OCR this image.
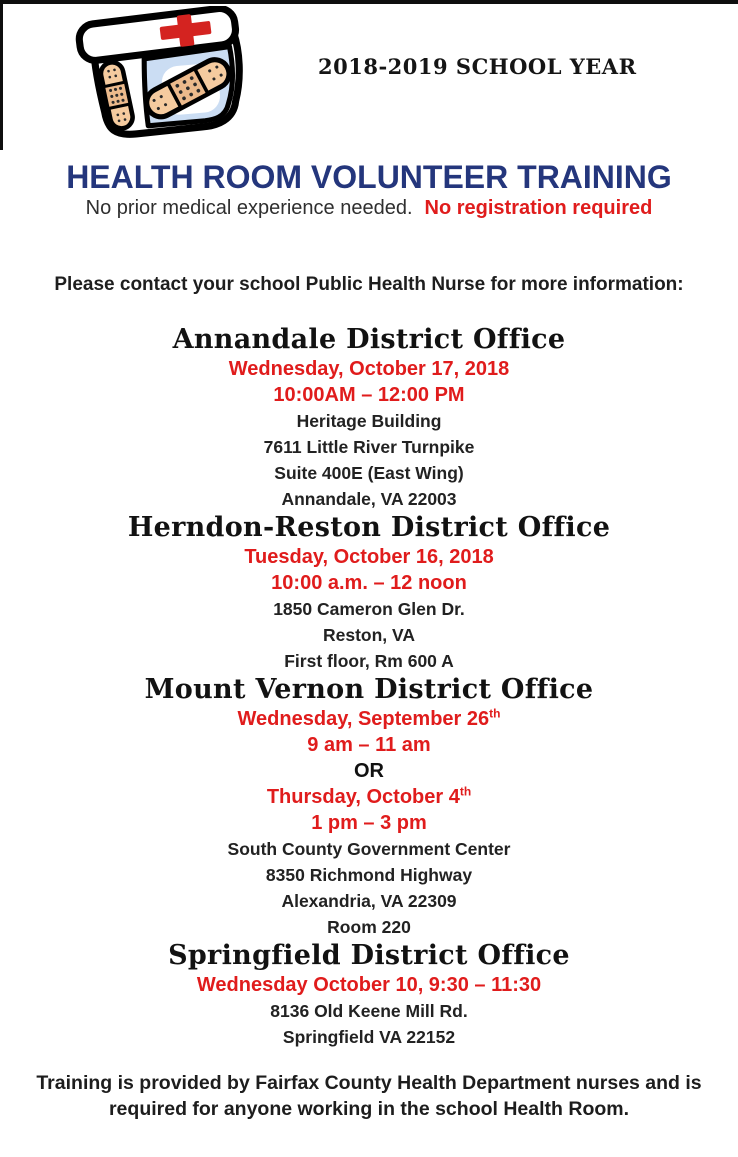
2018-2019 SCHOOL YEAR
HEALTH ROOM VOLUNTEER TRAINING
No prior medical experience needed. No registration required
Please contact your school Public Health Nurse for more information:
Annandale District Office
Wednesday, October 17, 2018
10:00AM – 12:00 PM
Heritage Building
7611 Little River Turnpike
Suite 400E (East Wing)
Annandale, VA 22003
Herndon-Reston District Office
Tuesday, October 16, 2018
10:00 a.m. – 12 noon
1850 Cameron Glen Dr.
Reston, VA
First floor, Rm 600 A
Mount Vernon District Office
Wednesday, September 26th
9 am – 11 am
OR
Thursday, October 4th
1 pm – 3 pm
South County Government Center
8350 Richmond Highway
Alexandria, VA 22309
Room 220
Springfield District Office
Wednesday October 10, 9:30 – 11:30
8136 Old Keene Mill Rd.
Springfield VA 22152
Training is provided by Fairfax County Health Department nurses and is required for anyone working in the school Health Room.
